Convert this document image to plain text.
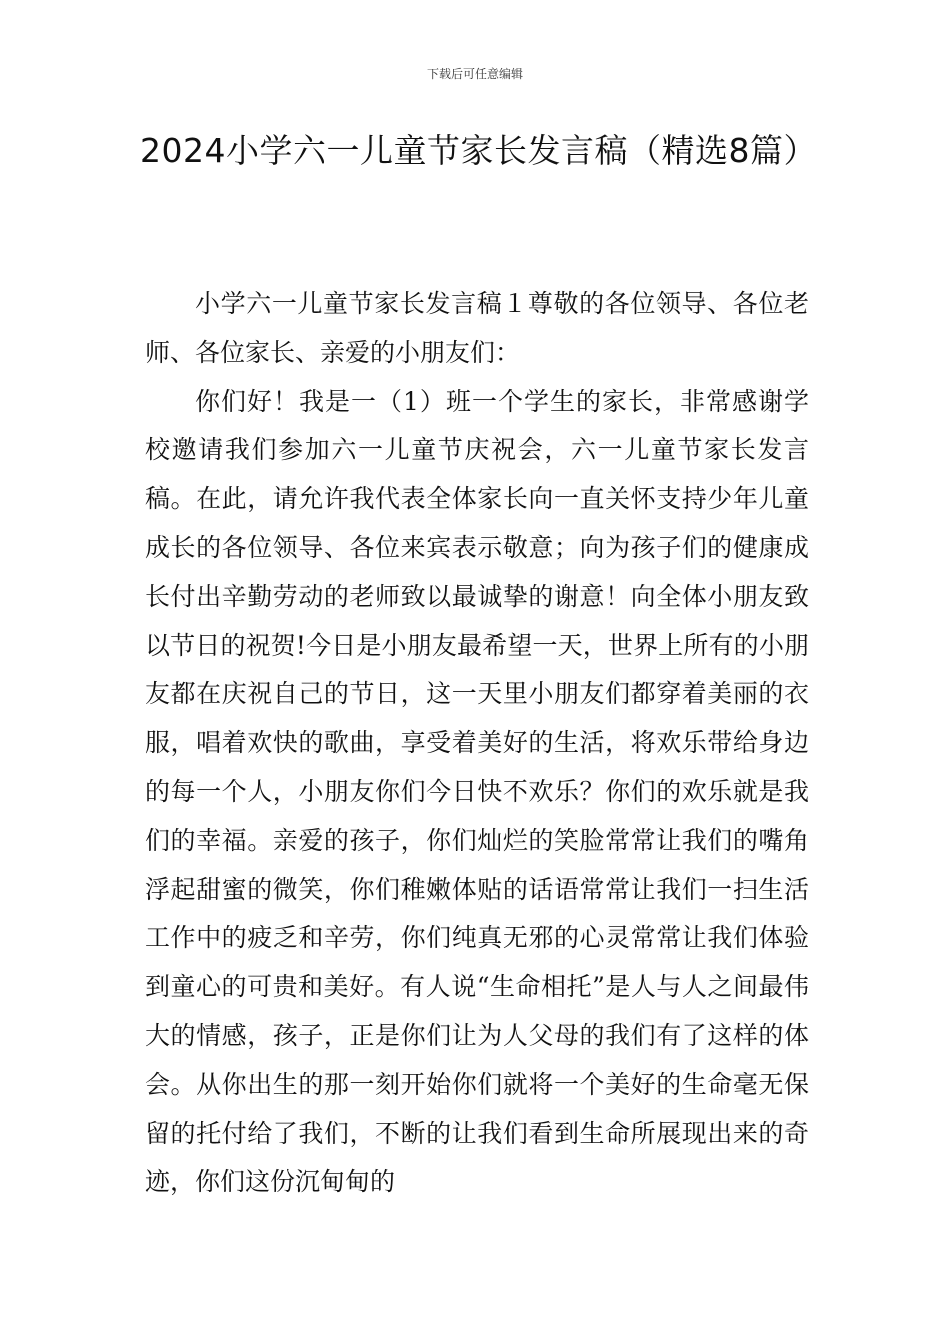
下载后可任意编辑
2024小学六一儿童节家长发言稿（精选8篇）

小学六一儿童节家长发言稿１尊敬的各位领导、各位老师、各位家长、亲爱的小朋友们：

你们好！我是一（1）班一个学生的家长，非常感谢学校邀请我们参加六一儿童节庆祝会，六一儿童节家长发言稿。在此，请允许我代表全体家长向一直关怀支持少年儿童成长的各位领导、各位来宾表示敬意；向为孩子们的健康成长付出辛勤劳动的老师致以最诚挚的谢意！向全体小朋友致以节日的祝贺!今日是小朋友最希望一天，世界上所有的小朋友都在庆祝自己的节日，这一天里小朋友们都穿着美丽的衣服，唱着欢快的歌曲，享受着美好的生活，将欢乐带给身边的每一个人，小朋友你们今日快不欢乐？你们的欢乐就是我们的幸福。亲爱的孩子，你们灿烂的笑脸常常让我们的嘴角浮起甜蜜的微笑，你们稚嫩体贴的话语常常让我们一扫生活工作中的疲乏和辛劳，你们纯真无邪的心灵常常让我们体验到童心的可贵和美好。有人说“生命相托”是人与人之间最伟大的情感，孩子，正是你们让为人父母的我们有了这样的体会。从你出生的那一刻开始你们就将一个美好的生命毫无保留的托付给了我们，不断的让我们看到生命所展现出来的奇迹，你们这份沉甸甸的
